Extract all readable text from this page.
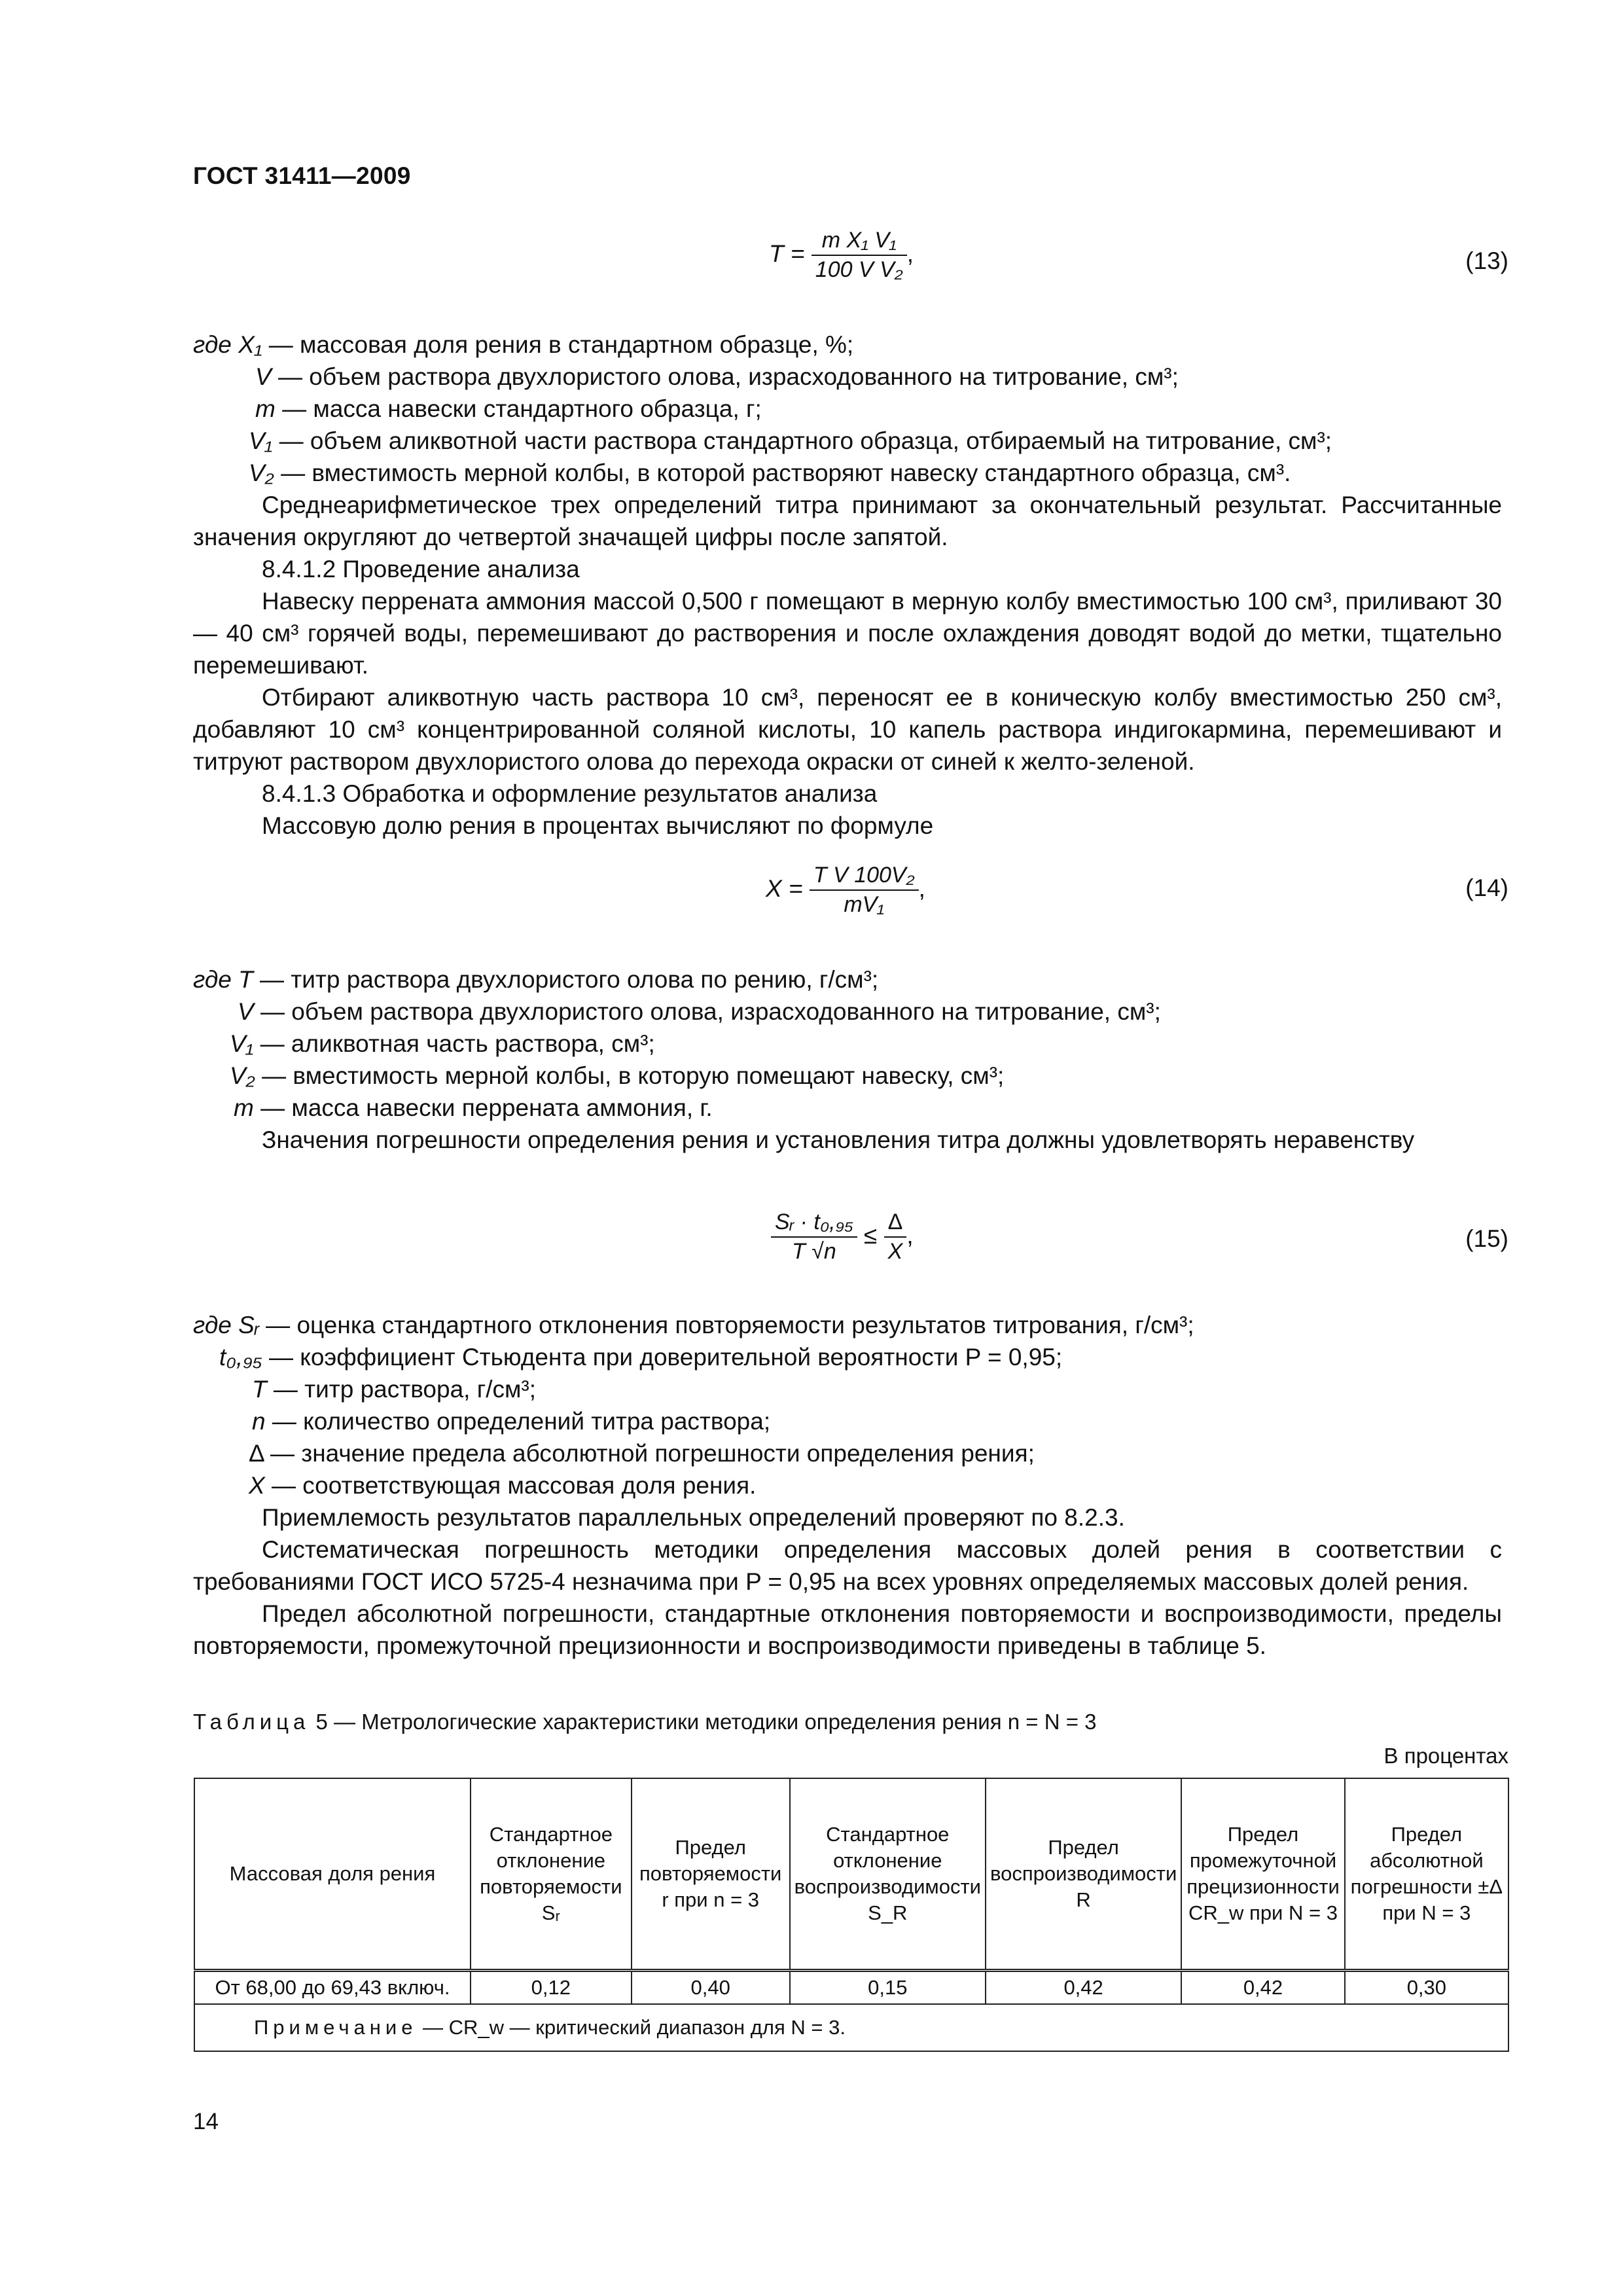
ГОСТ 31411—2009
$T = \frac{\text{m X₁ V₁}}{\text{100 V V₂}}$ ,	(13)
где X₁ — массовая доля рения в стандартном образце, %;
V — объем раствора двухлористого олова, израсходованного на титрование, см³;
m — масса навески стандартного образца, г;
V₁ — объем аликвотной части раствора стандартного образца, отбираемый на титрование, см³;
V₂ — вместимость мерной колбы, в которой растворяют навеску стандартного образца, см³.

Среднеарифметическое трех определений титра принимают за окончательный результат. Рассчитанные значения округляют до четвертой значащей цифры после запятой.

8.4.1.2 Проведение анализа

Навеску перрената аммония массой 0,500 г помещают в мерную колбу вместимостью 100 см³, приливают 30 — 40 см³ горячей воды, перемешивают до растворения и после охлаждения доводят водой до метки, тщательно перемешивают.

Отбирают аликвотную часть раствора 10 см³, переносят ее в коническую колбу вместимостью 250 см³, добавляют 10 см³ концентрированной соляной кислоты, 10 капель раствора индигокармина, перемешивают и титруют раствором двухлористого олова до перехода окраски от синей к желто-зеленой.

8.4.1.3 Обработка и оформление результатов анализа

Массовую долю рения в процентах вычисляют по формуле

$X = \frac{\text{T V 100V₂}}{\text{mV₁}}$ ,	(14)
где T — титр раствора двухлористого олова по рению, г/см³;
V — объем раствора двухлористого олова, израсходованного на титрование, см³;
V₁ — аликвотная часть раствора, см³;
V₂ — вместимость мерной колбы, в которую помещают навеску, см³;
m — масса навески перрената аммония, г.

Значения погрешности определения рения и установления титра должны удовлетворять неравенству

$\frac{\text{Sᵣ · t₀,₉₅}}{T √n} \le \frac{\Delta}{X}$ ,	(15)
где Sᵣ — оценка стандартного отклонения повторяемости результатов титрования, г/см³;
t₀,₉₅ — коэффициент Стьюдента при доверительной вероятности P = 0,95;
T — титр раствора, г/см³;
n — количество определений титра раствора;
Δ — значение предела абсолютной погрешности определения рения;
X — соответствующая массовая доля рения.

Приемлемость результатов параллельных определений проверяют по 8.2.3.

Систематическая погрешность методики определения массовых долей рения в соответствии с требованиями ГОСТ ИСО 5725-4 незначима при P = 0,95 на всех уровнях определяемых массовых долей рения.

Предел абсолютной погрешности, стандартные отклонения повторяемости и воспроизводимости, пределы повторяемости, промежуточной прецизионности и воспроизводимости приведены в таблице 5.

Таблица 5 — Метрологические характеристики методики определения рения n = N = 3
В процентах
Массовая доля рения	Стандартное отклонение повторяемости Sᵣ	Предел повторяемости r при n = 3	Стандартное отклонение воспроизводимости S_R	Предел воспроизводимости R	Предел промежуточной прецизионности CR_w при N = 3	Предел абсолютной погрешности ±Δ при N = 3
От 68,00 до 69,43 включ.	0,12	0,40	0,15	0,42	0,42	0,30
Примечание — CR_w — критический диапазон для N = 3.						
14
